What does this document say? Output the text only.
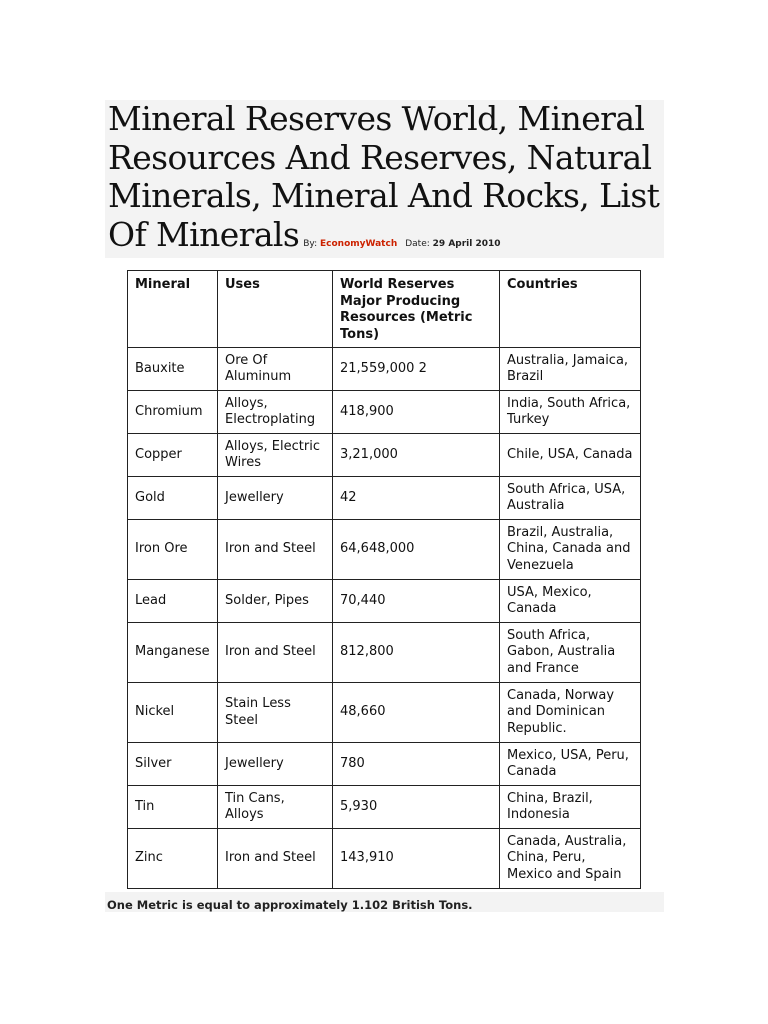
Mineral Reserves World, Mineral Resources And Reserves, Natural Minerals, Mineral And Rocks, List Of Minerals By: EconomyWatch Date: 29 April 2010
Mineral	Uses	World Reserves Major Producing Resources (Metric Tons)	Countries
Bauxite	Ore Of Aluminum	21,559,000 2	Australia, Jamaica, Brazil
Chromium	Alloys, Electroplating	418,900	India, South Africa, Turkey
Copper	Alloys, Electric Wires	3,21,000	Chile, USA, Canada
Gold	Jewellery	42	South Africa, USA, Australia
Iron Ore	Iron and Steel	64,648,000	Brazil, Australia, China, Canada and Venezuela
Lead	Solder, Pipes	70,440	USA, Mexico, Canada
Manganese	Iron and Steel	812,800	South Africa, Gabon, Australia and France
Nickel	Stain Less Steel	48,660	Canada, Norway and Dominican Republic.
Silver	Jewellery	780	Mexico, USA, Peru, Canada
Tin	Tin Cans, Alloys	5,930	China, Brazil, Indonesia
Zinc	Iron and Steel	143,910	Canada, Australia, China, Peru, Mexico and Spain
One Metric is equal to approximately 1.102 British Tons.
